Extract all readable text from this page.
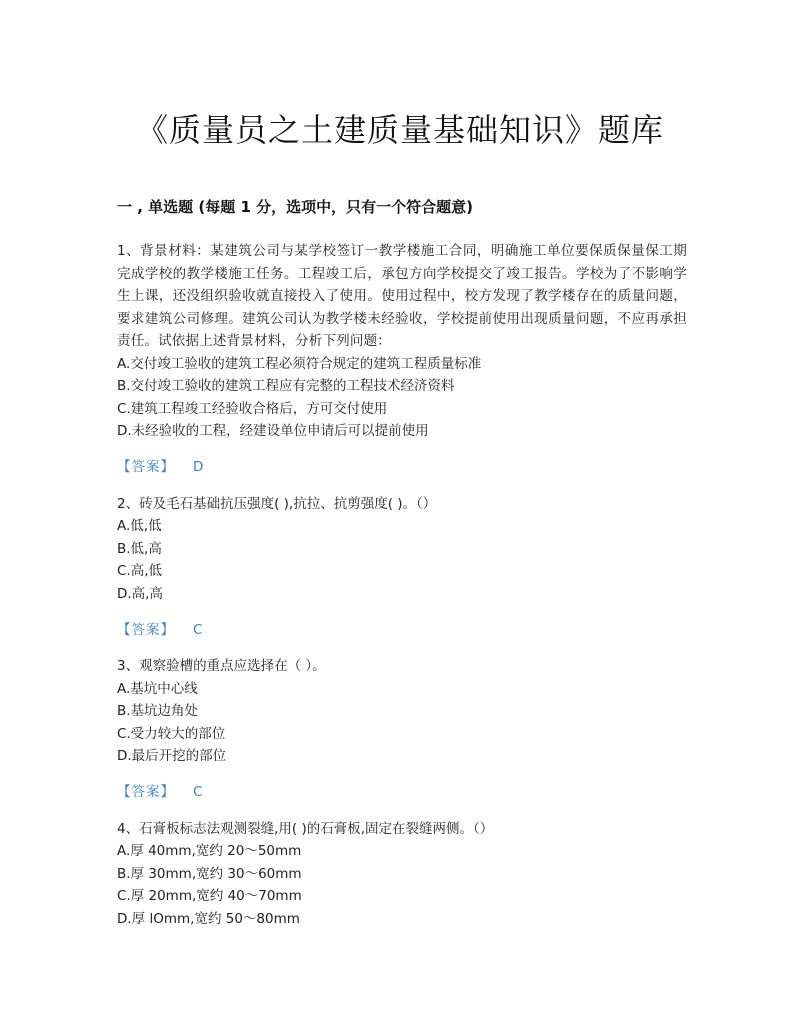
《质量员之土建质量基础知识》题库
一 , 单选题 (每题 1 分，选项中，只有一个符合题意)

1、背景材料：某建筑公司与某学校签订一教学楼施工合同，明确施工单位要保质保量保工期完成学校的教学楼施工任务。工程竣工后，承包方向学校提交了竣工报告。学校为了不影响学生上课，还没组织验收就直接投入了使用。使用过程中，校方发现了教学楼存在的质量问题，要求建筑公司修理。建筑公司认为教学楼未经验收，学校提前使用出现质量问题，不应再承担责任。试依据上述背景材料，分析下列问题：

A.交付竣工验收的建筑工程必须符合规定的建筑工程质量标准

B.交付竣工验收的建筑工程应有完整的工程技术经济资料

C.建筑工程竣工经验收合格后，方可交付使用

D.未经验收的工程，经建设单位申请后可以提前使用

【答案】 D

2、砖及毛石基础抗压强度( ),抗拉、抗剪强度( )。（）

A.低,低

B.低,高

C.高,低

D.高,高

【答案】 C

3、观察验槽的重点应选择在（ ）。

A.基坑中心线

B.基坑边角处

C.受力较大的部位

D.最后开挖的部位

【答案】 C

4、石膏板标志法观测裂缝,用( )的石膏板,固定在裂缝两侧。（）

A.厚 40mm,宽约 20～50mm

B.厚 30mm,宽约 30～60mm

C.厚 20mm,宽约 40～70mm

D.厚 lOmm,宽约 50～80mm
